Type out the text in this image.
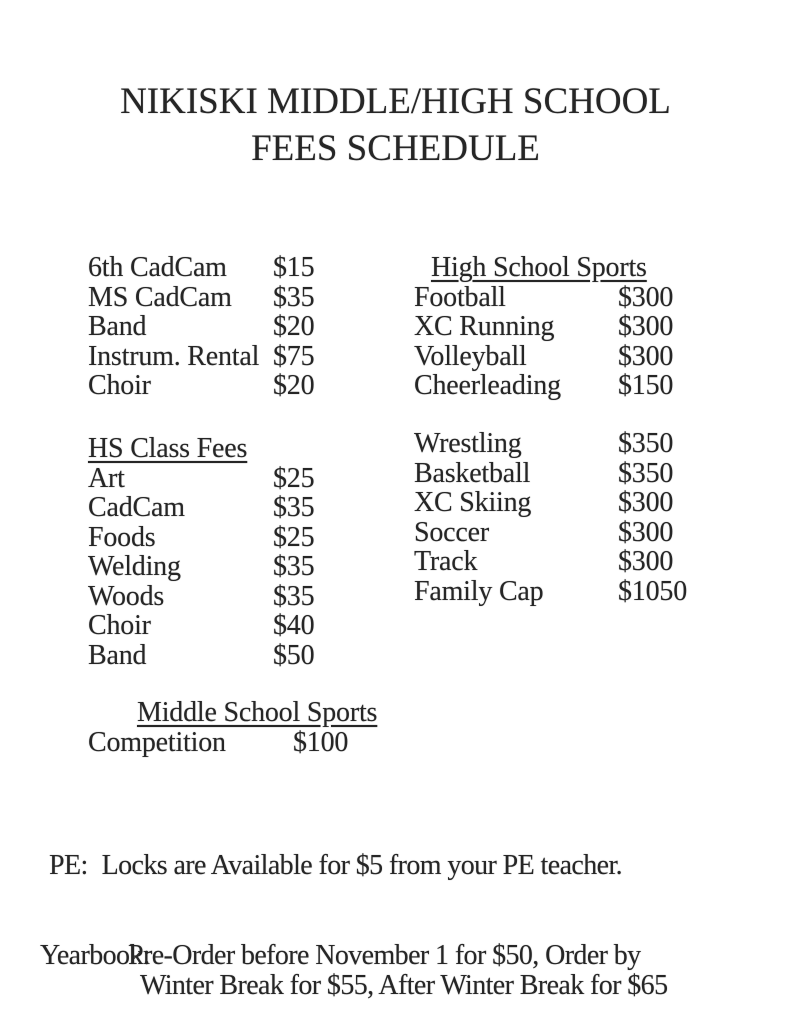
NIKISKI MIDDLE/HIGH SCHOOL
FEES SCHEDULE
6th CadCam $15
MS CadCam $35
Band	$20
Instrum. Rental $75
Choir	$20
HS Class Fees
Art	$25
CadCam	$35
Foods	$25
Welding	$35
Woods	$35
Choir	$40
Band	$50
Middle School Sports
Competition $100
High School Sports
Football	$300
XC Running $300
Volleyball	$300
Cheerleading $150
Wrestling	$350
Basketball	$350
XC Skiing	$300
Soccer	$300
Track	$300
Family Cap	$1050
PE: Locks are Available for $5 from your PE teacher.
Yearbook:
Pre-Order before November 1 for $50, Order by
Winter Break for $55, After Winter Break for $65
